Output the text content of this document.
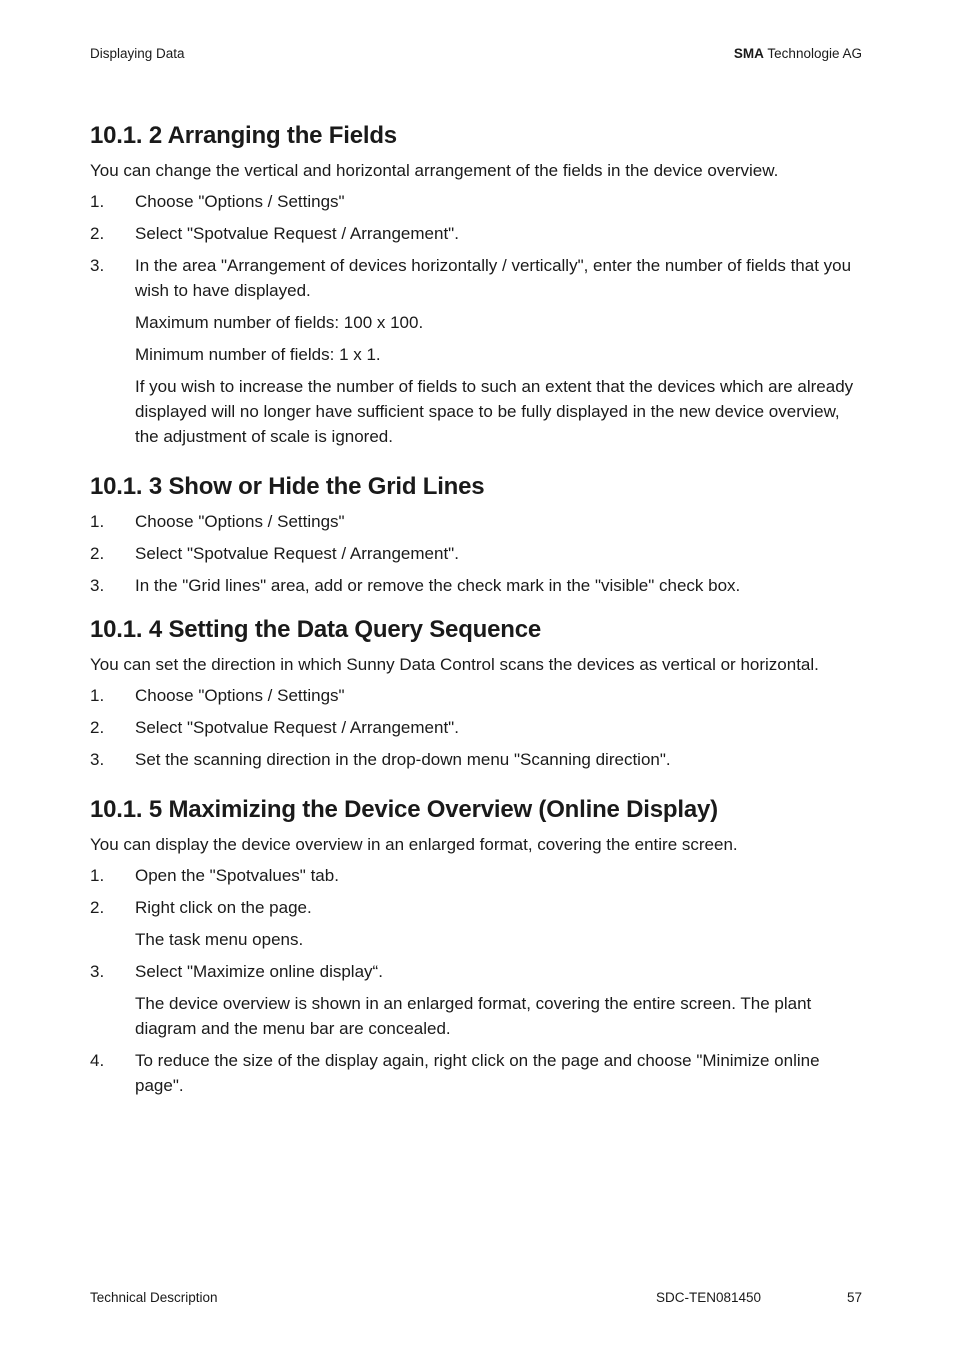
Displaying Data	SMA Technologie AG
10.1. 2 Arranging the Fields

You can change the vertical and horizontal arrangement of the fields in the device overview.

1. Choose "Options / Settings"
2. Select "Spotvalue Request / Arrangement".
3. In the area "Arrangement of devices horizontally / vertically", enter the number of fields that you wish to have displayed.
Maximum number of fields: 100 x 100.
Minimum number of fields: 1 x 1.
If you wish to increase the number of fields to such an extent that the devices which are already displayed will no longer have sufficient space to be fully displayed in the new device overview, the adjustment of scale is ignored.
10.1. 3 Show or Hide the Grid Lines
1. Choose "Options / Settings"
2. Select "Spotvalue Request / Arrangement".
3. In the "Grid lines" area, add or remove the check mark in the "visible" check box.
10.1. 4 Setting the Data Query Sequence

You can set the direction in which Sunny Data Control scans the devices as vertical or horizontal.

1. Choose "Options / Settings"
2. Select "Spotvalue Request / Arrangement".
3. Set the scanning direction in the drop-down menu "Scanning direction".
10.1. 5 Maximizing the Device Overview (Online Display)

You can display the device overview in an enlarged format, covering the entire screen.

1. Open the "Spotvalues" tab.
2. Right click on the page.
The task menu opens.
3. Select "Maximize online display“.
The device overview is shown in an enlarged format, covering the entire screen. The plant diagram and the menu bar are concealed.
4. To reduce the size of the display again, right click on the page and choose "Minimize online page".
Technical Description	SDC-TEN081450	57
